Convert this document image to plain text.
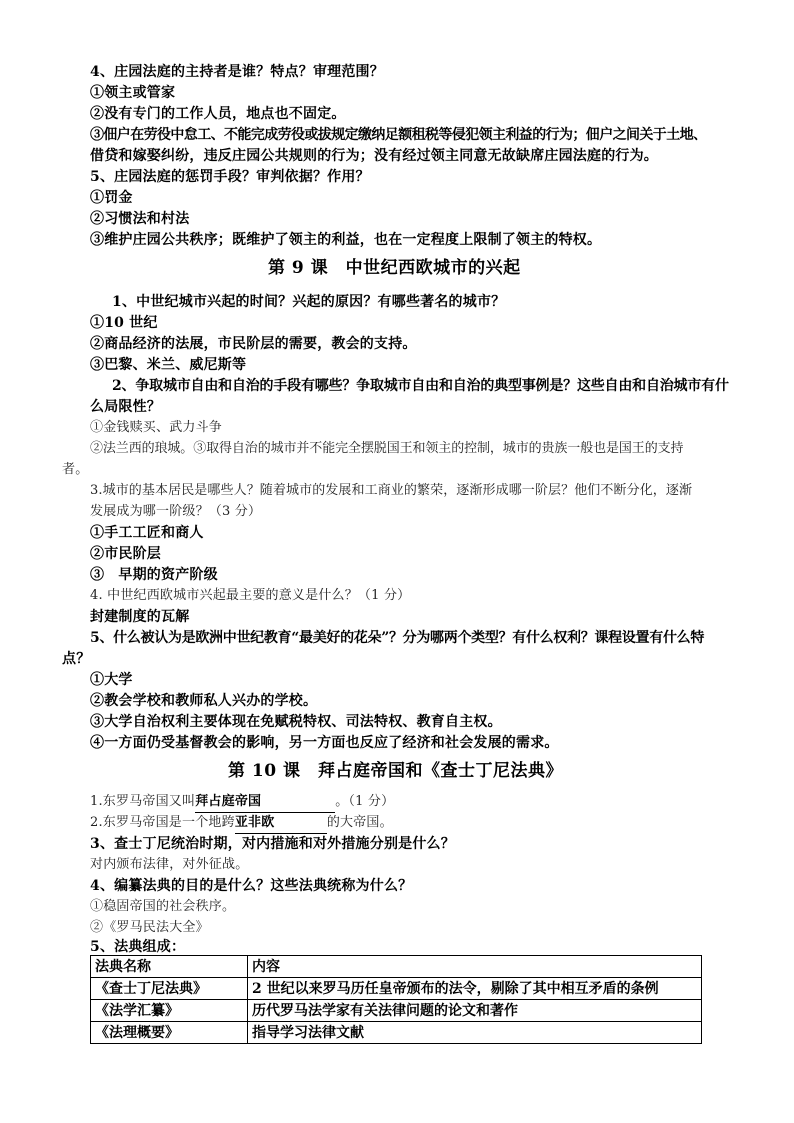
4、庄园法庭的主持者是谁？特点？审理范围？
①领主或管家
②没有专门的工作人员，地点也不固定。
③佃户在劳役中怠工、不能完成劳役或拔规定缴纳足额租税等侵犯领主利益的行为；佃户之间关于土地、
借贷和嫁娶纠纷，违反庄园公共规则的行为；没有经过领主同意无故缺席庄园法庭的行为。
5、庄园法庭的惩罚手段？审判依据？作用？
①罚金
②习惯法和村法
③维护庄园公共秩序；既维护了领主的利益，也在一定程度上限制了领主的特权。
第 9 课　中世纪西欧城市的兴起
1、中世纪城市兴起的时间？兴起的原因？有哪些著名的城市？
①10 世纪
②商品经济的法展，市民阶层的需要，教会的支持。
③巴黎、米兰、威尼斯等
2、争取城市自由和自治的手段有哪些？争取城市自由和自治的典型事例是？这些自由和自治城市有什
么局限性？
①金钱赎买、武力斗争
②法兰西的琅城。③取得自治的城市并不能完全摆脱国王和领主的控制，城市的贵族一般也是国王的支持
者。
3.城市的基本居民是哪些人？随着城市的发展和工商业的繁荣，逐渐形成哪一阶层？他们不断分化，逐渐
发展成为哪一阶级？（3 分）
①手工工匠和商人
②市民阶层
③　早期的资产阶级
4. 中世纪西欧城市兴起最主要的意义是什么？（1 分）
封建制度的瓦解
5、什么被认为是欧洲中世纪教育“最美好的花朵”？分为哪两个类型？有什么权利？课程设置有什么特
点？
①大学
②教会学校和教师私人兴办的学校。
③大学自治权利主要体现在免赋税特权、司法特权、教育自主权。
④一方面仍受基督教会的影响，另一方面也反应了经济和社会发展的需求。
第 10 课　拜占庭帝国和《查士丁尼法典》
1.东罗马帝国又叫拜占庭帝国	。（1 分）
2.东罗马帝国是一个地跨亚非欧	的大帝国。
3、查士丁尼统治时期，对内措施和对外措施分别是什么？
对内颁布法律，对外征战。
4、编纂法典的目的是什么？这些法典统称为什么？
①稳固帝国的社会秩序。
②《罗马民法大全》
5、法典组成：
法典名称	内容
《查士丁尼法典》	2 世纪以来罗马历任皇帝颁布的法令，剔除了其中相互矛盾的条例
《法学汇纂》	历代罗马法学家有关法律问题的论文和著作
《法理概要》	指导学习法律文献
